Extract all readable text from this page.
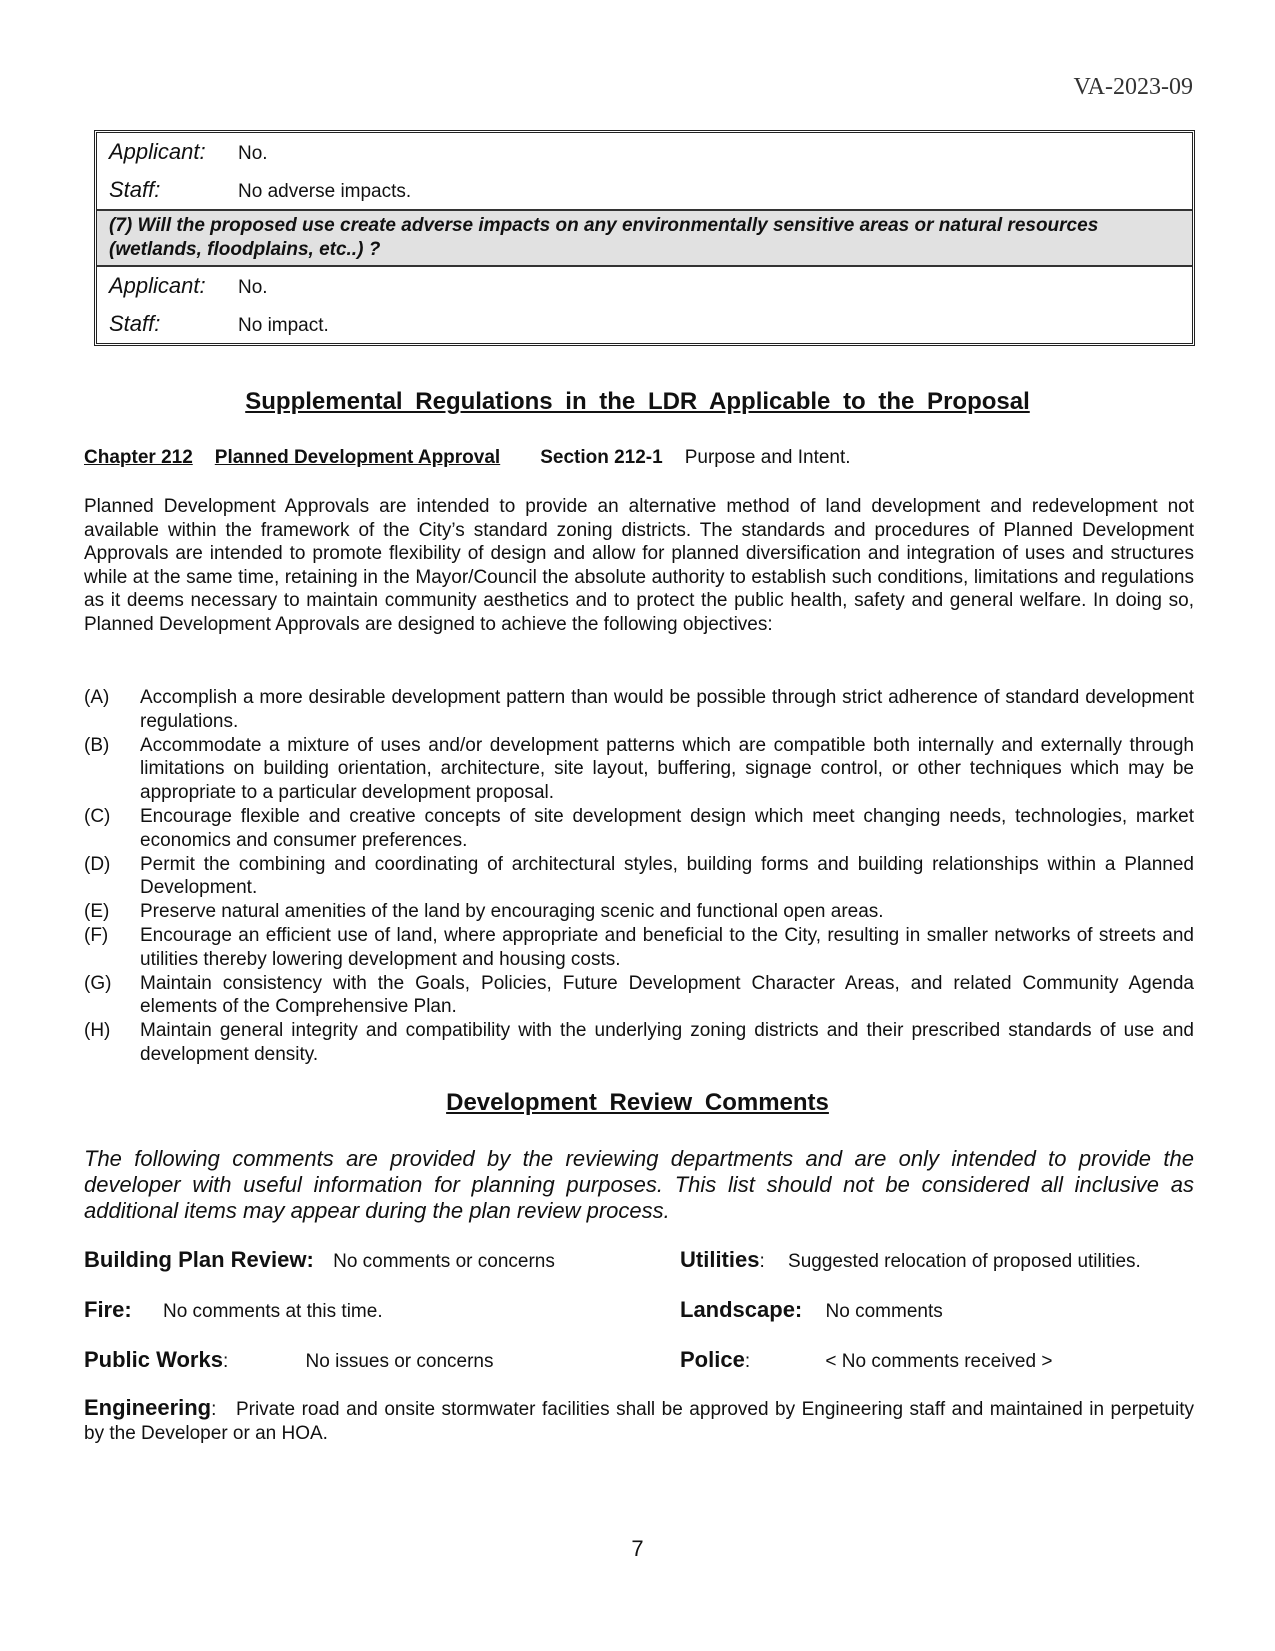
VA-2023-09
Applicant:	No.
Staff:	No adverse impacts.
(7) Will the proposed use create adverse impacts on any environmentally sensitive areas or natural resources (wetlands, floodplains, etc..) ?
Applicant:	No.
Staff:	No impact.
Supplemental Regulations in the LDR Applicable to the Proposal
Chapter 212 Planned Development Approval Section 212-1 Purpose and Intent.
Planned Development Approvals are intended to provide an alternative method of land development and redevelopment not available within the framework of the City’s standard zoning districts. The standards and procedures of Planned Development Approvals are intended to promote flexibility of design and allow for planned diversification and integration of uses and structures while at the same time, retaining in the Mayor/Council the absolute authority to establish such conditions, limitations and regulations as it deems necessary to maintain community aesthetics and to protect the public health, safety and general welfare. In doing so, Planned Development Approvals are designed to achieve the following objectives:
(A)	Accomplish a more desirable development pattern than would be possible through strict adherence of standard development regulations.
(B)	Accommodate a mixture of uses and/or development patterns which are compatible both internally and externally through limitations on building orientation, architecture, site layout, buffering, signage control, or other techniques which may be appropriate to a particular development proposal.
(C)	Encourage flexible and creative concepts of site development design which meet changing needs, technologies, market economics and consumer preferences.
(D)	Permit the combining and coordinating of architectural styles, building forms and building relationships within a Planned Development.
(E)	Preserve natural amenities of the land by encouraging scenic and functional open areas.
(F)	Encourage an efficient use of land, where appropriate and beneficial to the City, resulting in smaller networks of streets and utilities thereby lowering development and housing costs.
(G)	Maintain consistency with the Goals, Policies, Future Development Character Areas, and related Community Agenda elements of the Comprehensive Plan.
(H)	Maintain general integrity and compatibility with the underlying zoning districts and their prescribed standards of use and development density.
Development Review Comments
The following comments are provided by the reviewing departments and are only intended to provide the developer with useful information for planning purposes. This list should not be considered all inclusive as additional items may appear during the plan review process.
Building Plan Review: No comments or concerns	Utilities: Suggested relocation of proposed utilities.
Fire: No comments at this time.	Landscape: No comments
Public Works:	No issues or concerns	Police:	< No comments received >
Engineering:   Private road and onsite stormwater facilities shall be approved by Engineering staff and maintained in perpetuity by the Developer or an HOA.
7
